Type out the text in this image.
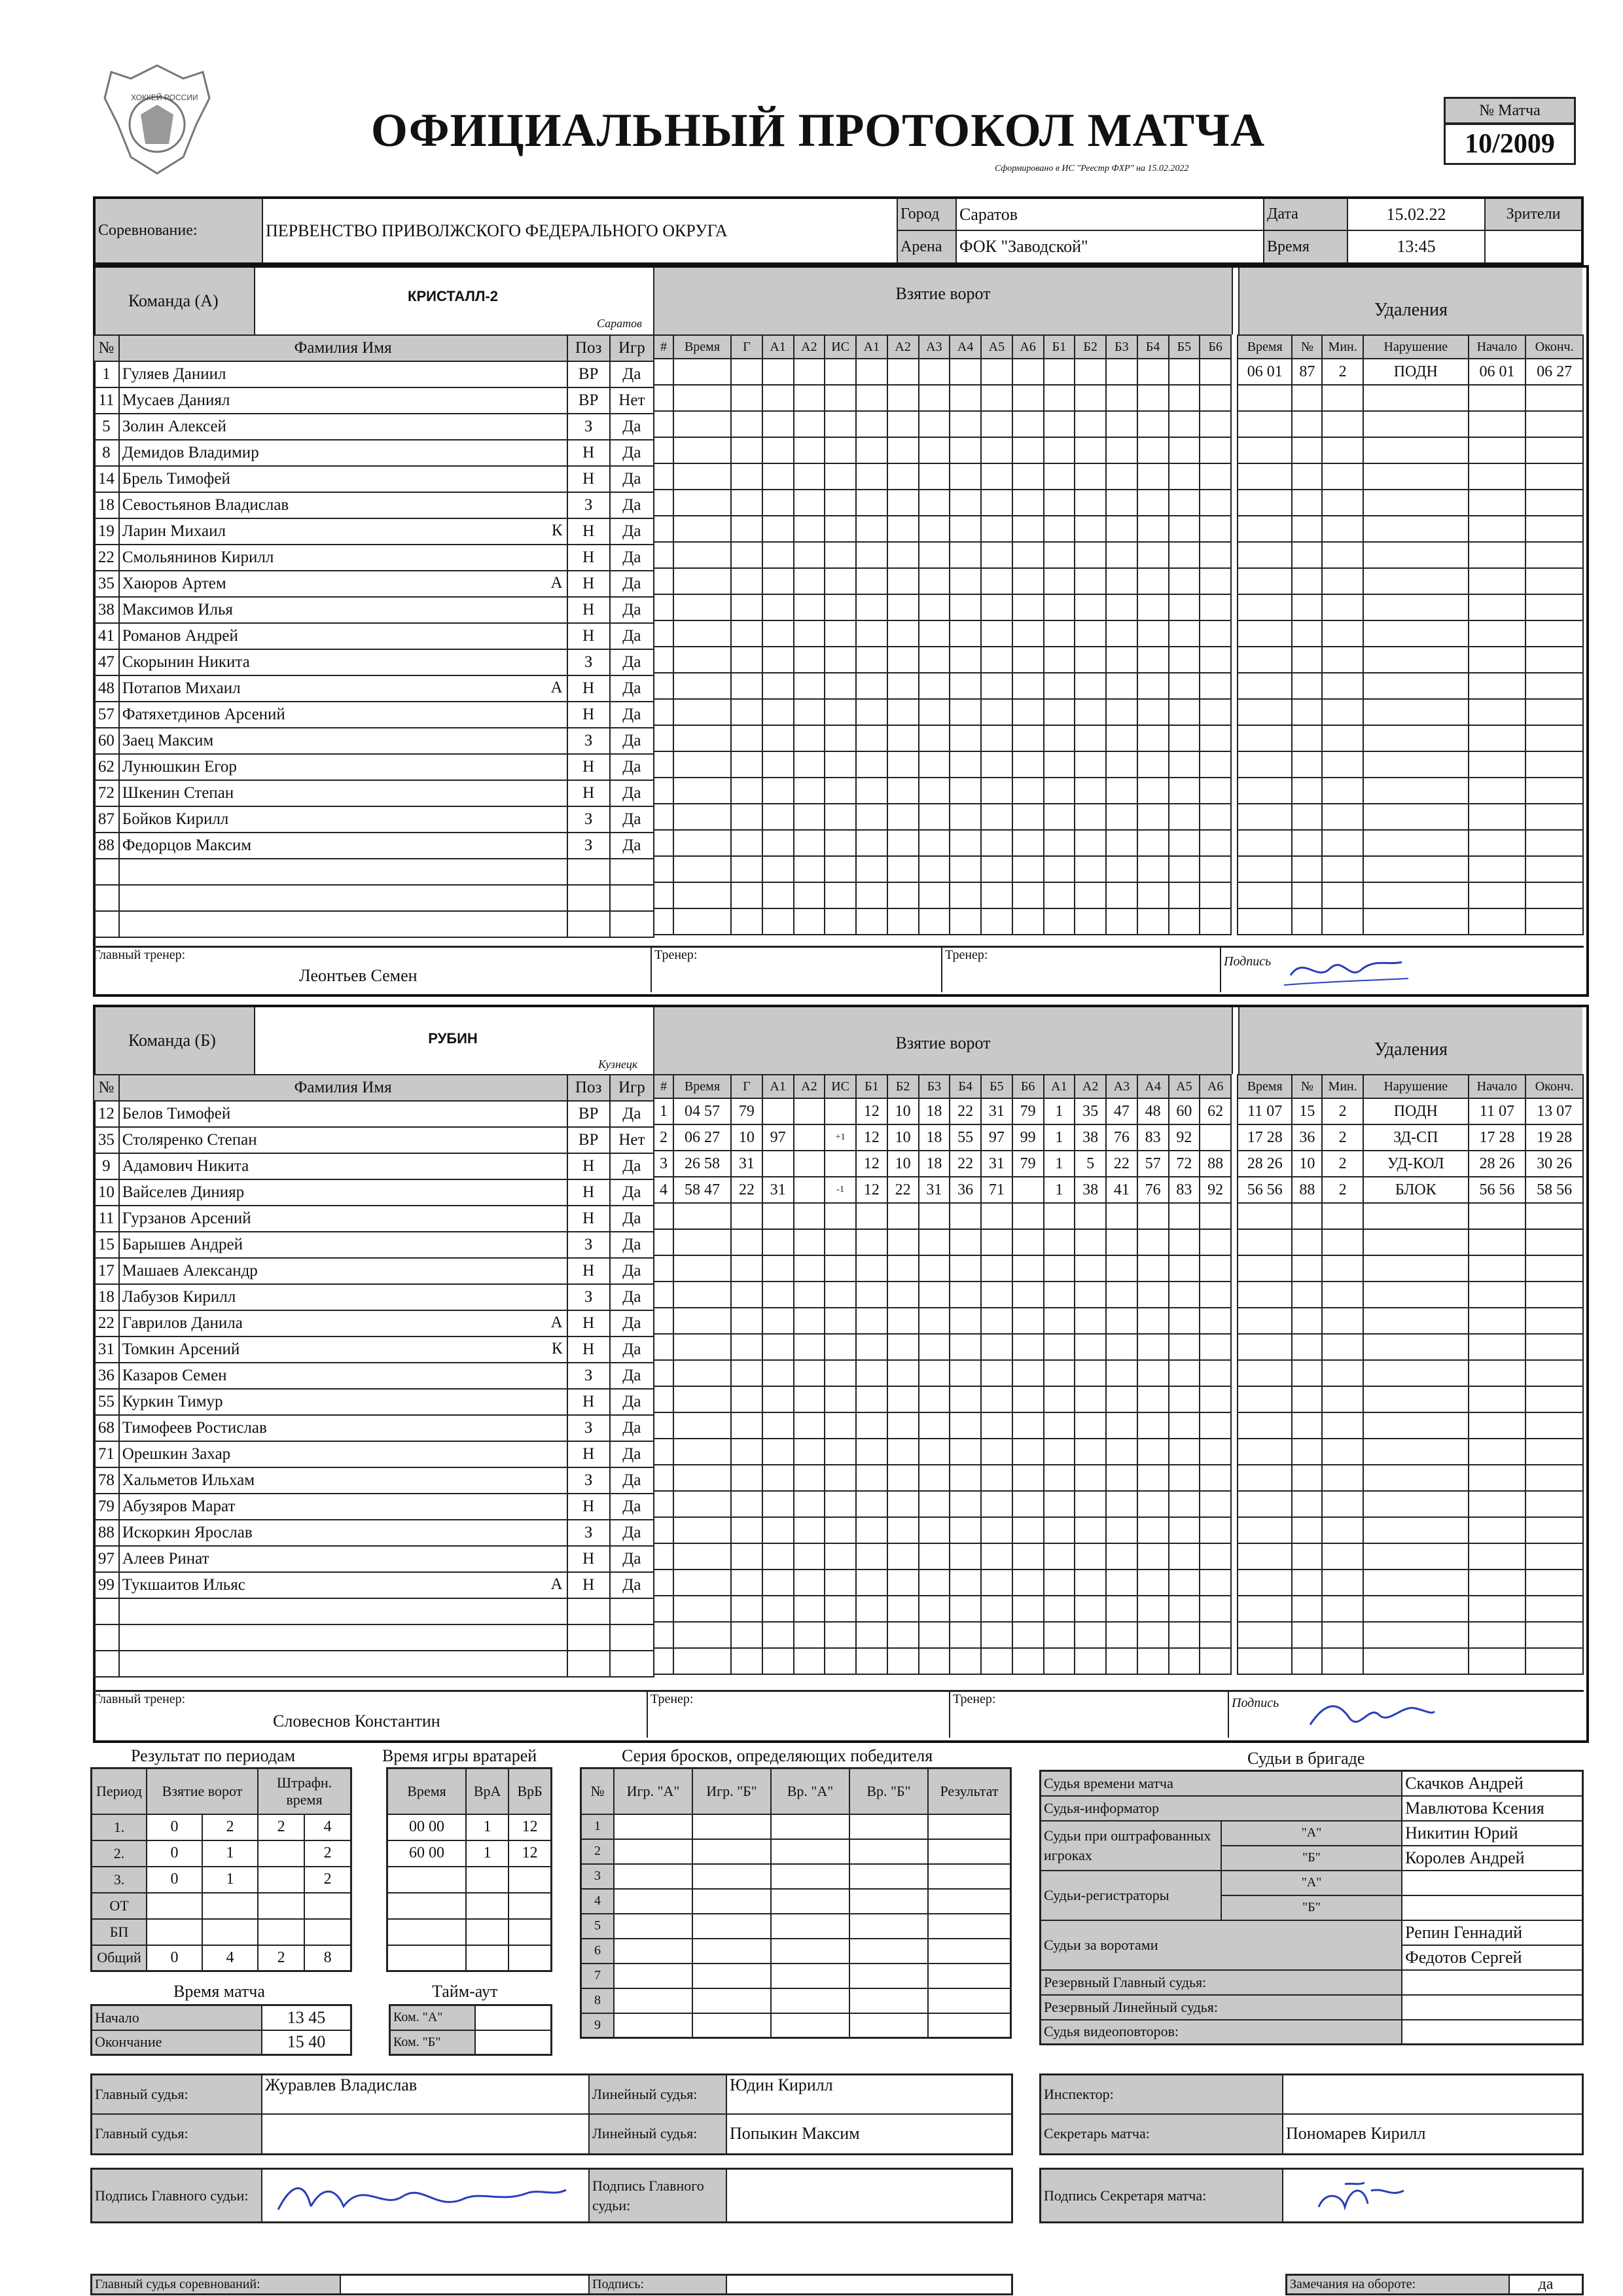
ХОККЕЙ РОССИИ
ОФИЦИАЛЬНЫЙ ПРОТОКОЛ МАТЧА
Сформировано в ИС "Реестр ФХР" на 15.02.2022
№ Матча
10/2009
Соревнование:	ПЕРВЕНСТВО ПРИВОЛЖСКОГО ФЕДЕРАЛЬНОГО ОКРУГА	Город	Саратов	Дата	15.02.22	Зрители
		Арена	ФОК "Заводской"	Время	13:45	
Команда (А)	КРИСТАЛЛ-2
Саратов
Взятие ворот
Удаления
№	Фамилия Имя	Поз	Игр
1	Гуляев Даниил	ВР	Да
11	Мусаев Даниял	ВР	Нет
5	Золин Алексей	З	Да
8	Демидов Владимир	Н	Да
14	Брель Тимофей	Н	Да
18	Севостьянов Владислав	З	Да
19	Ларин Михаил К	Н	Да
22	Смольянинов Кирилл	Н	Да
35	Хаюров Артем А	Н	Да
38	Максимов Илья	Н	Да
41	Романов Андрей	Н	Да
47	Скорынин Никита	З	Да
48	Потапов Михаил А	Н	Да
57	Фатяхетдинов Арсений	Н	Да
60	Заец Максим	З	Да
62	Лунюшкин Егор	Н	Да
72	Шкенин Степан	Н	Да
87	Бойков Кирилл	З	Да
88	Федорцов Максим	З	Да

#	Время	Г	А1	А2	ИС	А1	А2	А3	А4	А5	А6	Б1	Б2	Б3	Б4	Б5	Б6

																	Время	№	Мин.	Нарушение	Начало	Оконч.
06 01	87	2	ПОДН	06 01	06 27

Главный тренер:
Леонтьев Семен
Тренер:	Тренер:	Подпись
Команда (Б)	РУБИН
Кузнецк
Взятие ворот	Удаления
№	Фамилия Имя	Поз	Игр
12	Белов Тимофей	ВР	Да
35	Столяренко Степан	ВР	Нет
9	Адамович Никита	Н	Да
10	Вайселев Динияр	Н	Да
11	Гурзанов Арсений	Н	Да
15	Барышев Андрей	З	Да
17	Машаев Александр	Н	Да
18	Лабузов Кирилл	З	Да
22	Гаврилов Данила А	Н	Да
31	Томкин Арсений К	Н	Да
36	Казаров Семен	З	Да
55	Куркин Тимур	Н	Да
68	Тимофеев Ростислав	З	Да
71	Орешкин Захар	Н	Да
78	Хальметов Ильхам	З	Да
79	Абузяров Марат	Н	Да
88	Искоркин Ярослав	З	Да
97	Алеев Ринат	Н	Да
99	Тукшаитов Ильяс А	Н	Да

#	Время	Г	А1	А2	ИС	Б1	Б2	Б3	Б4	Б5	Б6	А1	А2	А3	А4	А5	А6
1	04 57	79				12	10	18	22	31	79	1	35	47	48	60	62
2	06 27	10	97		+1	12	10	18	55	97	99	1	38	76	83	92	
3	26 58	31				12	10	18	22	31	79	1	5	22	57	72	88
4	58 47	22	31		-1	12	22	31	36	71		1	38	41	76	83	92

Время	№	Мин.	Нарушение	Начало	Оконч.
11 07	15	2	ПОДН	11 07	13 07
17 28	36	2	ЗД-СП	17 28	19 28
28 26	10	2	УД-КОЛ	28 26	30 26
56 56	88	2	БЛОК	56 56	58 56

Главный тренер:
Словеснов Константин
Тренер:	Тренер:	Подпись
Результат по периодам
Период	Взятие ворот		Штрафн. время	
1.	0	2	2	4
2.	0	1		2
3.	0	1		2
ОТ				
БП				
Общий	0	4	2	8
Время игры вратарей
Время	ВрА	ВрБ
00 00	1	12
60 00	1	12

Время матча
Начало	13 45
Окончание	15 40
Тайм-аут
Ком. "А"	
Ком. "Б"	
Серия бросков, определяющих победителя
№	Игр. "А"	Игр. "Б"	Вр. "А"	Вр. "Б"	Результат
1					
2					
3					
4					
5					
6					
7					
8					
9					
Судьи в бригаде
Судья времени матча		Скачков Андрей
Судья-информатор		Мавлютова Ксения
Судьи при оштрафованных игроках	"А"	Никитин Юрий
	"Б"	Королев Андрей
Судьи-регистраторы	"А"	
	"Б"	
Судьи за воротами		Репин Геннадий
		Федотов Сергей
Резервный Главный судья:		
Резервный Линейный судья:		
Судья видеоповторов:		
Главный судья:	Журавлев Владислав	Линейный судья:	Юдин Кирилл
Главный судья:		Линейный судья:	Попыкин Максим
Инспектор:	
Секретарь матча:	Пономарев Кирилл
Подпись Главного судьи:	
	Подпись Главного судьи:	
Подпись Секретаря матча:	
Главный судья соревнований:		Подпись:		Замечания на обороте:	да
